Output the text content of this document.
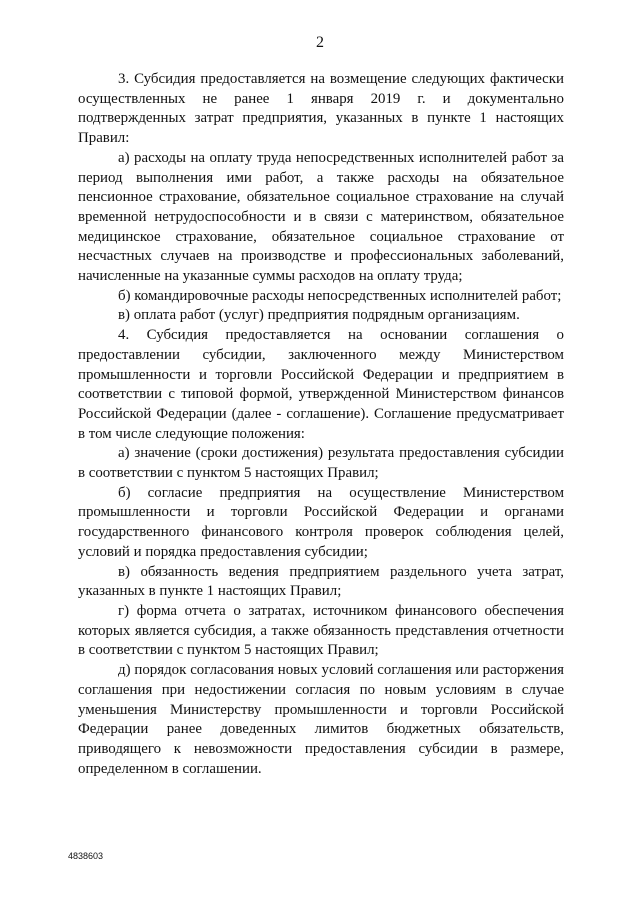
2

3. Субсидия предоставляется на возмещение следующих фактически осуществленных не ранее 1 января 2019 г. и документально подтвержденных затрат предприятия, указанных в пункте 1 настоящих Правил:

а) расходы на оплату труда непосредственных исполнителей работ за период выполнения ими работ, а также расходы на обязательное пенсионное страхование, обязательное социальное страхование на случай временной нетрудоспособности и в связи с материнством, обязательное медицинское страхование, обязательное социальное страхование от несчастных случаев на производстве и профессиональных заболеваний, начисленные на указанные суммы расходов на оплату труда;

б) командировочные расходы непосредственных исполнителей работ;

в) оплата работ (услуг) предприятия подрядным организациям.

4. Субсидия предоставляется на основании соглашения о предоставлении субсидии, заключенного между Министерством промышленности и торговли Российской Федерации и предприятием в соответствии с типовой формой, утвержденной Министерством финансов Российской Федерации (далее - соглашение). Соглашение предусматривает в том числе следующие положения:

а) значение (сроки достижения) результата предоставления субсидии в соответствии с пунктом 5 настоящих Правил;

б) согласие предприятия на осуществление Министерством промышленности и торговли Российской Федерации и органами государственного финансового контроля проверок соблюдения целей, условий и порядка предоставления субсидии;

в) обязанность ведения предприятием раздельного учета затрат, указанных в пункте 1 настоящих Правил;

г) форма отчета о затратах, источником финансового обеспечения которых является субсидия, а также обязанность представления отчетности в соответствии с пунктом 5 настоящих Правил;

д) порядок согласования новых условий соглашения или расторжения соглашения при недостижении согласия по новым условиям в случае уменьшения Министерству промышленности и торговли Российской Федерации ранее доведенных лимитов бюджетных обязательств, приводящего к невозможности предоставления субсидии в размере, определенном в соглашении.

4838603
